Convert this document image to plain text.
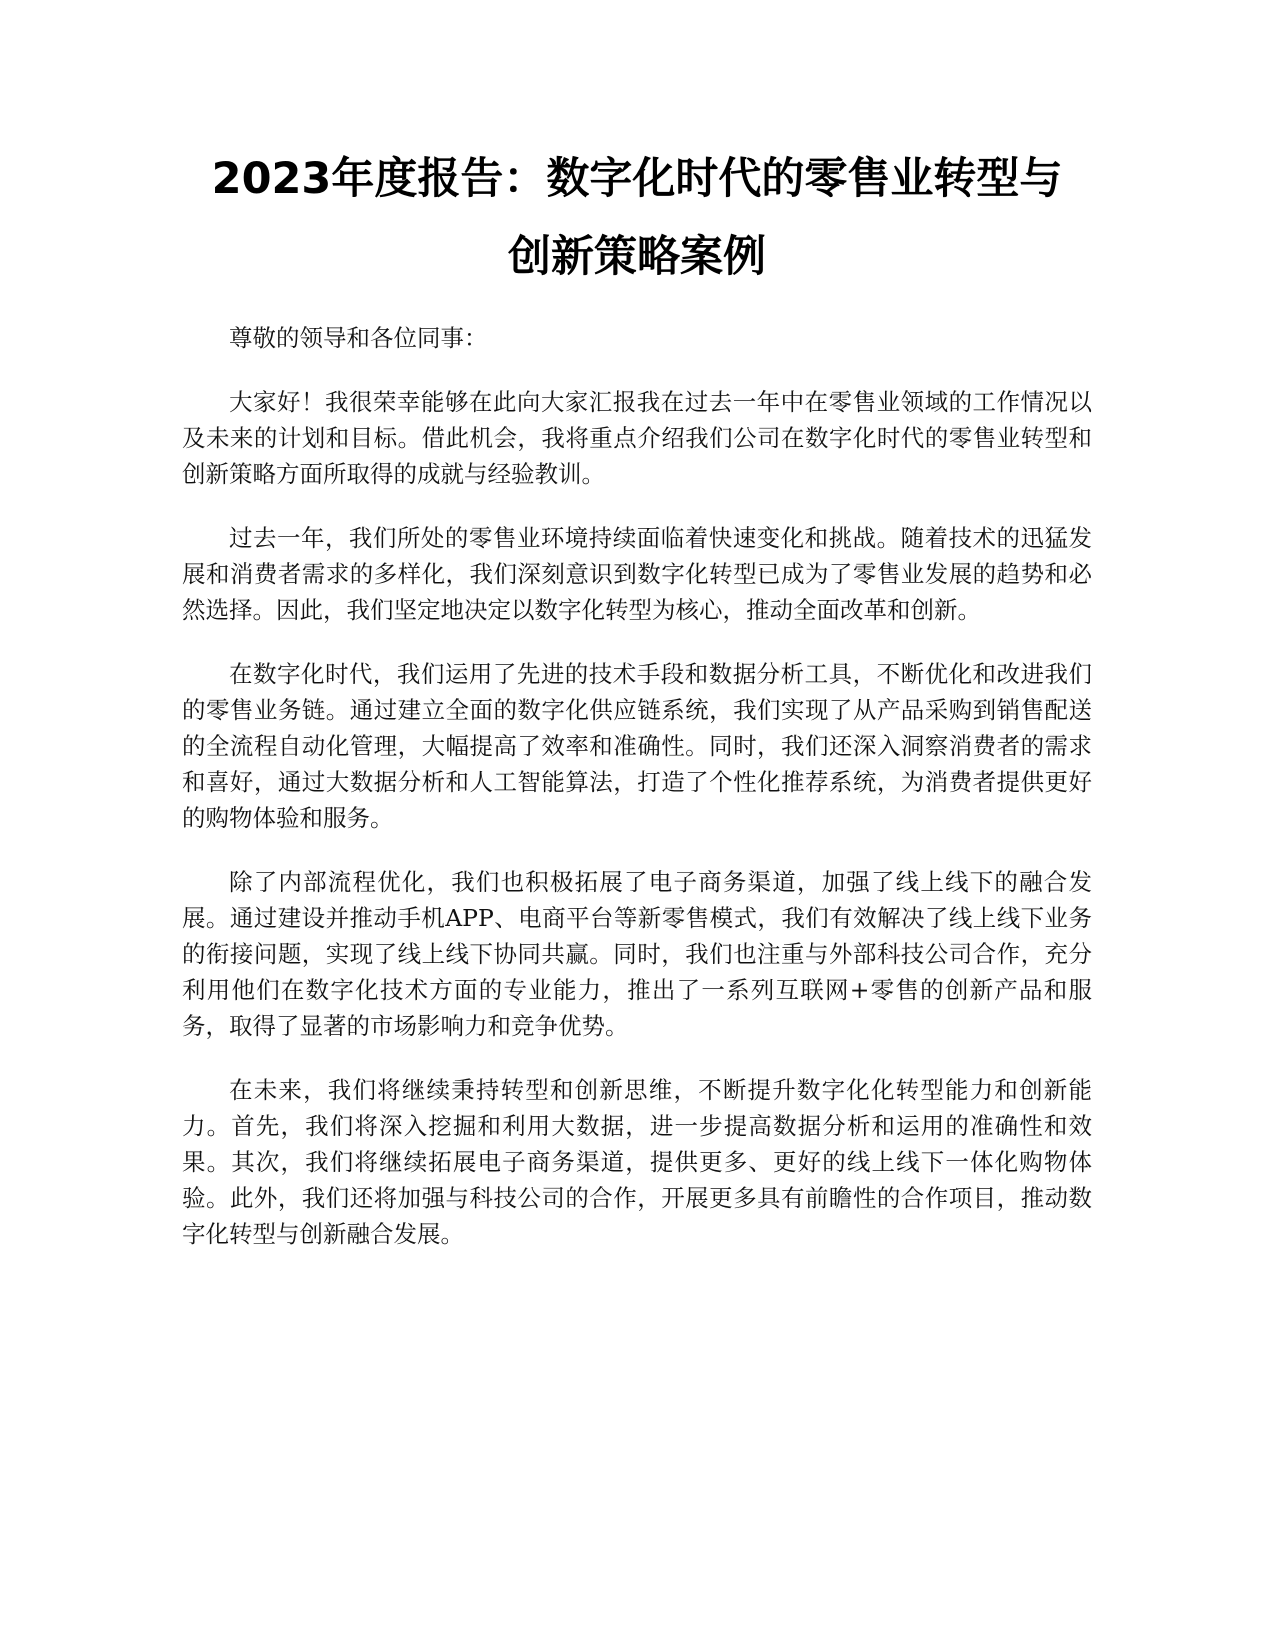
2023年度报告：数字化时代的零售业转型与
创新策略案例

尊敬的领导和各位同事：

大家好！我很荣幸能够在此向大家汇报我在过去一年中在零售业领域的工作情况以及未来的计划和目标。借此机会，我将重点介绍我们公司在数字化时代的零售业转型和创新策略方面所取得的成就与经验教训。

过去一年，我们所处的零售业环境持续面临着快速变化和挑战。随着技术的迅猛发展和消费者需求的多样化，我们深刻意识到数字化转型已成为了零售业发展的趋势和必然选择。因此，我们坚定地决定以数字化转型为核心，推动全面改革和创新。

在数字化时代，我们运用了先进的技术手段和数据分析工具，不断优化和改进我们的零售业务链。通过建立全面的数字化供应链系统，我们实现了从产品采购到销售配送的全流程自动化管理，大幅提高了效率和准确性。同时，我们还深入洞察消费者的需求和喜好，通过大数据分析和人工智能算法，打造了个性化推荐系统，为消费者提供更好的购物体验和服务。

除了内部流程优化，我们也积极拓展了电子商务渠道，加强了线上线下的融合发展。通过建设并推动手机APP、电商平台等新零售模式，我们有效解决了线上线下业务的衔接问题，实现了线上线下协同共赢。同时，我们也注重与外部科技公司合作，充分利用他们在数字化技术方面的专业能力，推出了一系列互联网+零售的创新产品和服务，取得了显著的市场影响力和竞争优势。

在未来，我们将继续秉持转型和创新思维，不断提升数字化化转型能力和创新能力。首先，我们将深入挖掘和利用大数据，进一步提高数据分析和运用的准确性和效果。其次，我们将继续拓展电子商务渠道，提供更多、更好的线上线下一体化购物体验。此外，我们还将加强与科技公司的合作，开展更多具有前瞻性的合作项目，推动数字化转型与创新融合发展。
